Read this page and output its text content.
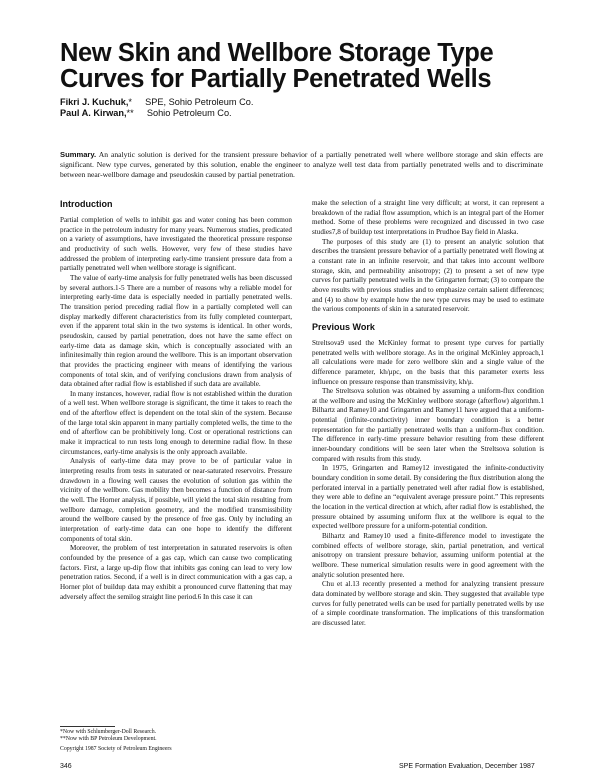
New Skin and Wellbore Storage Type Curves for Partially Penetrated Wells
Fikri J. Kuchuk,* SPE, Sohio Petroleum Co.
Paul A. Kirwan,** Sohio Petroleum Co.
Summary. An analytic solution is derived for the transient pressure behavior of a partially penetrated well where wellbore storage and skin effects are significant. New type curves, generated by this solution, enable the engineer to analyze well test data from partially penetrated wells and to discriminate between near-wellbore damage and pseudoskin caused by partial penetration.
Introduction

Partial completion of wells to inhibit gas and water coning has been common practice in the petroleum industry for many years. Numerous studies, predicated on a variety of assumptions, have investigated the theoretical pressure response and productivity of such wells. However, very few of these studies have addressed the problem of interpreting early-time transient pressure data from a partially penetrated well when wellbore storage is significant.

The value of early-time analysis for fully penetrated wells has been discussed by several authors.1-5 There are a number of reasons why a reliable model for interpreting early-time data is especially needed in partially penetrated wells. The transition period preceding radial flow in a partially completed well can display markedly different characteristics from its fully completed counterpart, even if the apparent total skin in the two systems is identical. In other words, pseudoskin, caused by partial penetration, does not have the same effect on early-time data as damage skin, which is conceptually associated with an infinitesimally thin region around the wellbore. This is an important observation that provides the practicing engineer with means of identifying the various components of total skin, and of verifying conclusions drawn from analysis of data obtained after radial flow is established if such data are available.

In many instances, however, radial flow is not established within the duration of a well test. When wellbore storage is significant, the time it takes to reach the end of the afterflow effect is dependent on the total skin of the system. Because of the large total skin apparent in many partially completed wells, the time to the end of afterflow can be prohibitively long. Cost or operational restrictions can make it impractical to run tests long enough to determine radial flow. In these circumstances, early-time analysis is the only approach available.

Analysis of early-time data may prove to be of particular value in interpreting results from tests in saturated or near-saturated reservoirs. Pressure drawdown in a flowing well causes the evolution of solution gas within the vicinity of the wellbore. Gas mobility then becomes a function of distance from the well. The Horner analysis, if possible, will yield the total skin resulting from wellbore damage, completion geometry, and the modified transmissibility around the wellbore caused by the presence of free gas. Only by including an interpretation of early-time data can one hope to identify the different components of total skin.

Moreover, the problem of test interpretation in saturated reservoirs is often confounded by the presence of a gas cap, which can cause two complicating factors. First, a large up-dip flow that inhibits gas coning can lead to very low penetration ratios. Second, if a well is in direct communication with a gas cap, a Horner plot of buildup data may exhibit a pronounced curve flattening that may adversely affect the semilog straight line period.6 In this case it can

make the selection of a straight line very difficult; at worst, it can represent a breakdown of the radial flow assumption, which is an integral part of the Horner method. Some of these problems were recognized and discussed in two case studies7,8 of buildup test interpretations in Prudhoe Bay field in Alaska.

The purposes of this study are (1) to present an analytic solution that describes the transient pressure behavior of a partially penetrated well flowing at a constant rate in an infinite reservoir, and that takes into account wellbore storage, skin, and permeability anisotropy; (2) to present a set of new type curves for partially penetrated wells in the Gringarten format; (3) to compare the above results with previous studies and to emphasize certain salient differences; and (4) to show by example how the new type curves may be used to estimate the various components of skin in a saturated reservoir.

Previous Work

Streltsova9 used the McKinley format to present type curves for partially penetrated wells with wellbore storage. As in the original McKinley approach,1 all calculations were made for zero wellbore skin and a single value of the difference parameter, kh/μpc, on the basis that this parameter exerts less influence on pressure response than transmissivity, kh/μ.

The Streltsova solution was obtained by assuming a uniform-flux condition at the wellbore and using the McKinley wellbore storage (afterflow) algorithm.1 Bilhartz and Ramey10 and Gringarten and Ramey11 have argued that a uniform-potential (infinite-conductivity) inner boundary condition is a better representation for the partially penetrated wells than a uniform-flux condition. The difference in early-time pressure behavior resulting from these different inner-boundary conditions will be seen later when the Streltsova solution is compared with results from this study.

In 1975, Gringarten and Ramey12 investigated the infinite-conductivity boundary condition in some detail. By considering the flux distribution along the perforated interval in a partially penetrated well after radial flow is established, they were able to define an “equivalent average pressure point.” This represents the location in the vertical direction at which, after radial flow is established, the pressure obtained by assuming uniform flux at the wellbore is equal to the expected wellbore pressure for a uniform-potential condition.

Bilhartz and Ramey10 used a finite-difference model to investigate the combined effects of wellbore storage, skin, partial penetration, and vertical anisotropy on transient pressure behavior, assuming uniform potential at the wellbore. These numerical simulation results were in good agreement with the analytic solution presented here.

Chu et al.13 recently presented a method for analyzing transient pressure data dominated by wellbore storage and skin. They suggested that available type curves for fully penetrated wells can be used for partially penetrated wells by use of a simple coordinate transformation. The implications of this transformation are discussed later.

*Now with Schlumberger-Doll Research.
**Now with BP Petroleum Development.
Copyright 1987 Society of Petroleum Engineers
346	SPE Formation Evaluation, December 1987
